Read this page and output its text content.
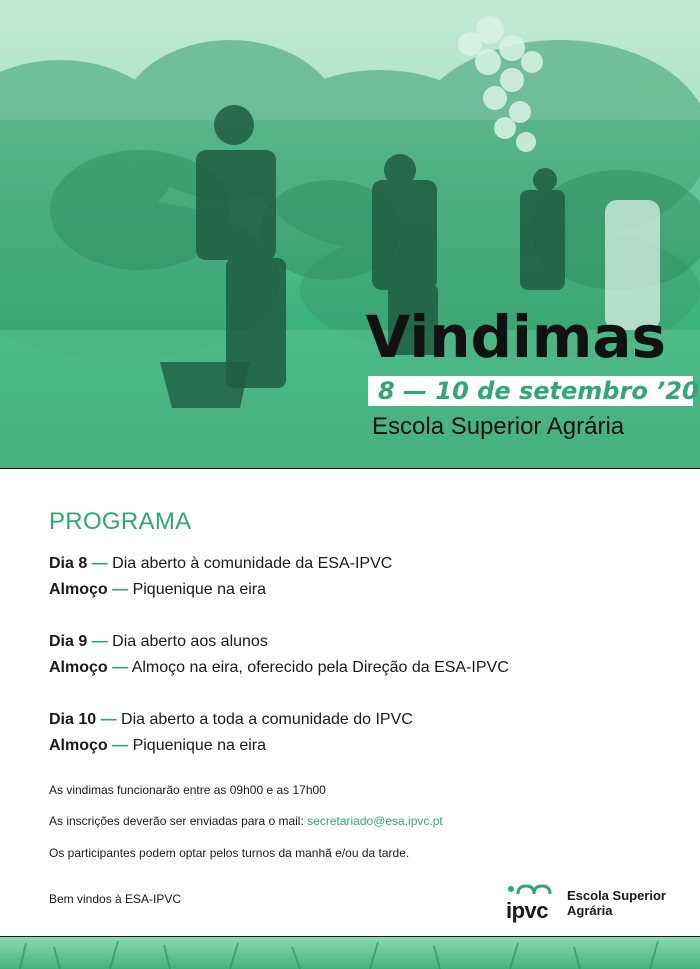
Vindimas
8 — 10 de setembro ’20
Escola Superior Agrária
PROGRAMA
Dia 8 — Dia aberto à comunidade da ESA-IPVC
Almoço — Piquenique na eira
Dia 9 — Dia aberto aos alunos
Almoço — Almoço na eira, oferecido pela Direção da ESA-IPVC
Dia 10 — Dia aberto a toda a comunidade do IPVC
Almoço — Piquenique na eira
As vindimas funcionarão entre as 09h00 e as 17h00
As inscrições deverão ser enviadas para o mail: secretariado@esa.ipvc.pt
Os participantes podem optar pelos turnos da manhã e/ou da tarde.
Bem vindos à ESA-IPVC	ipvc
Escola Superior
Agrária
